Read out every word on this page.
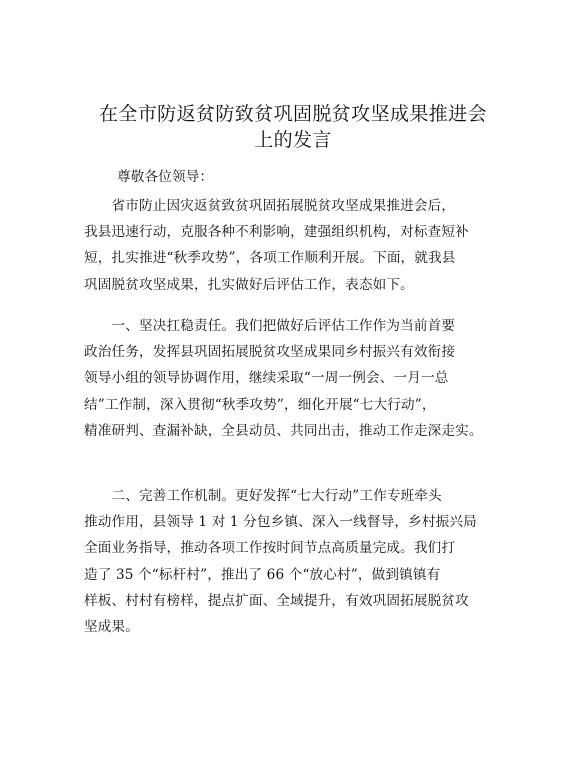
在全市防返贫防致贫巩固脱贫攻坚成果推进会
上的发言

尊敬各位领导：

　　省市防止因灾返贫致贫巩固拓展脱贫攻坚成果推进会后，
我县迅速行动，克服各种不利影响，建强组织机构，对标查短补
短，扎实推进“秋季攻势”，各项工作顺利开展。下面，就我县
巩固脱贫攻坚成果，扎实做好后评估工作，表态如下。

　　一、坚决扛稳责任。我们把做好后评估工作作为当前首要
政治任务，发挥县巩固拓展脱贫攻坚成果同乡村振兴有效衔接
领导小组的领导协调作用，继续采取“一周一例会、一月一总
结”工作制，深入贯彻“秋季攻势”，细化开展“七大行动”，
精准研判、查漏补缺，全县动员、共同出击，推动工作走深走实。

　　二、完善工作机制。更好发挥“七大行动”工作专班牵头
推动作用，县领导 1 对 1 分包乡镇、深入一线督导，乡村振兴局
全面业务指导，推动各项工作按时间节点高质量完成。我们打
造了 35 个“标杆村”，推出了 66 个“放心村”，做到镇镇有
样板、村村有榜样，提点扩面、全域提升，有效巩固拓展脱贫攻
坚成果。
